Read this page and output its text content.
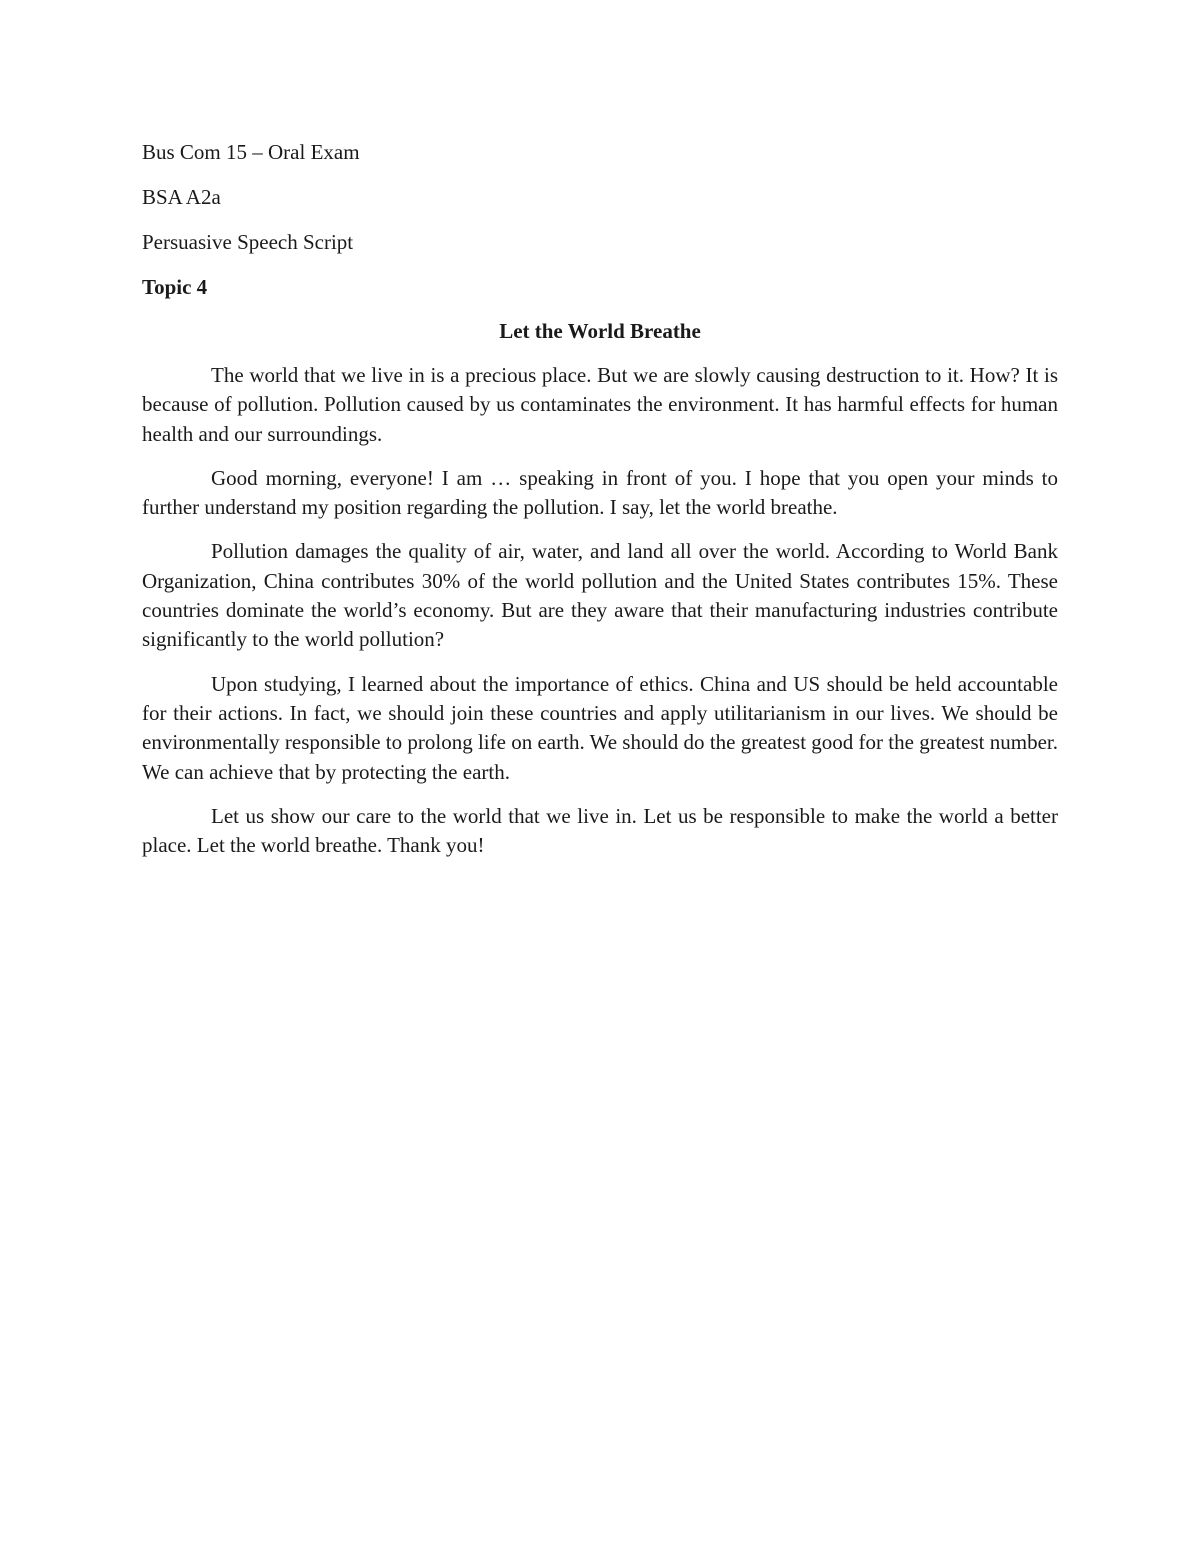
Bus Com 15 – Oral Exam

BSA A2a

Persuasive Speech Script

Topic 4

Let the World Breathe

The world that we live in is a precious place. But we are slowly causing destruction to it. How? It is because of pollution. Pollution caused by us contaminates the environment. It has harmful effects for human health and our surroundings.

Good morning, everyone! I am … speaking in front of you. I hope that you open your minds to further understand my position regarding the pollution. I say, let the world breathe.

Pollution damages the quality of air, water, and land all over the world. According to World Bank Organization, China contributes 30% of the world pollution and the United States contributes 15%. These countries dominate the world’s economy. But are they aware that their manufacturing industries contribute significantly to the world pollution?

Upon studying, I learned about the importance of ethics. China and US should be held accountable for their actions. In fact, we should join these countries and apply utilitarianism in our lives. We should be environmentally responsible to prolong life on earth. We should do the greatest good for the greatest number. We can achieve that by protecting the earth.

Let us show our care to the world that we live in. Let us be responsible to make the world a better place. Let the world breathe. Thank you!
